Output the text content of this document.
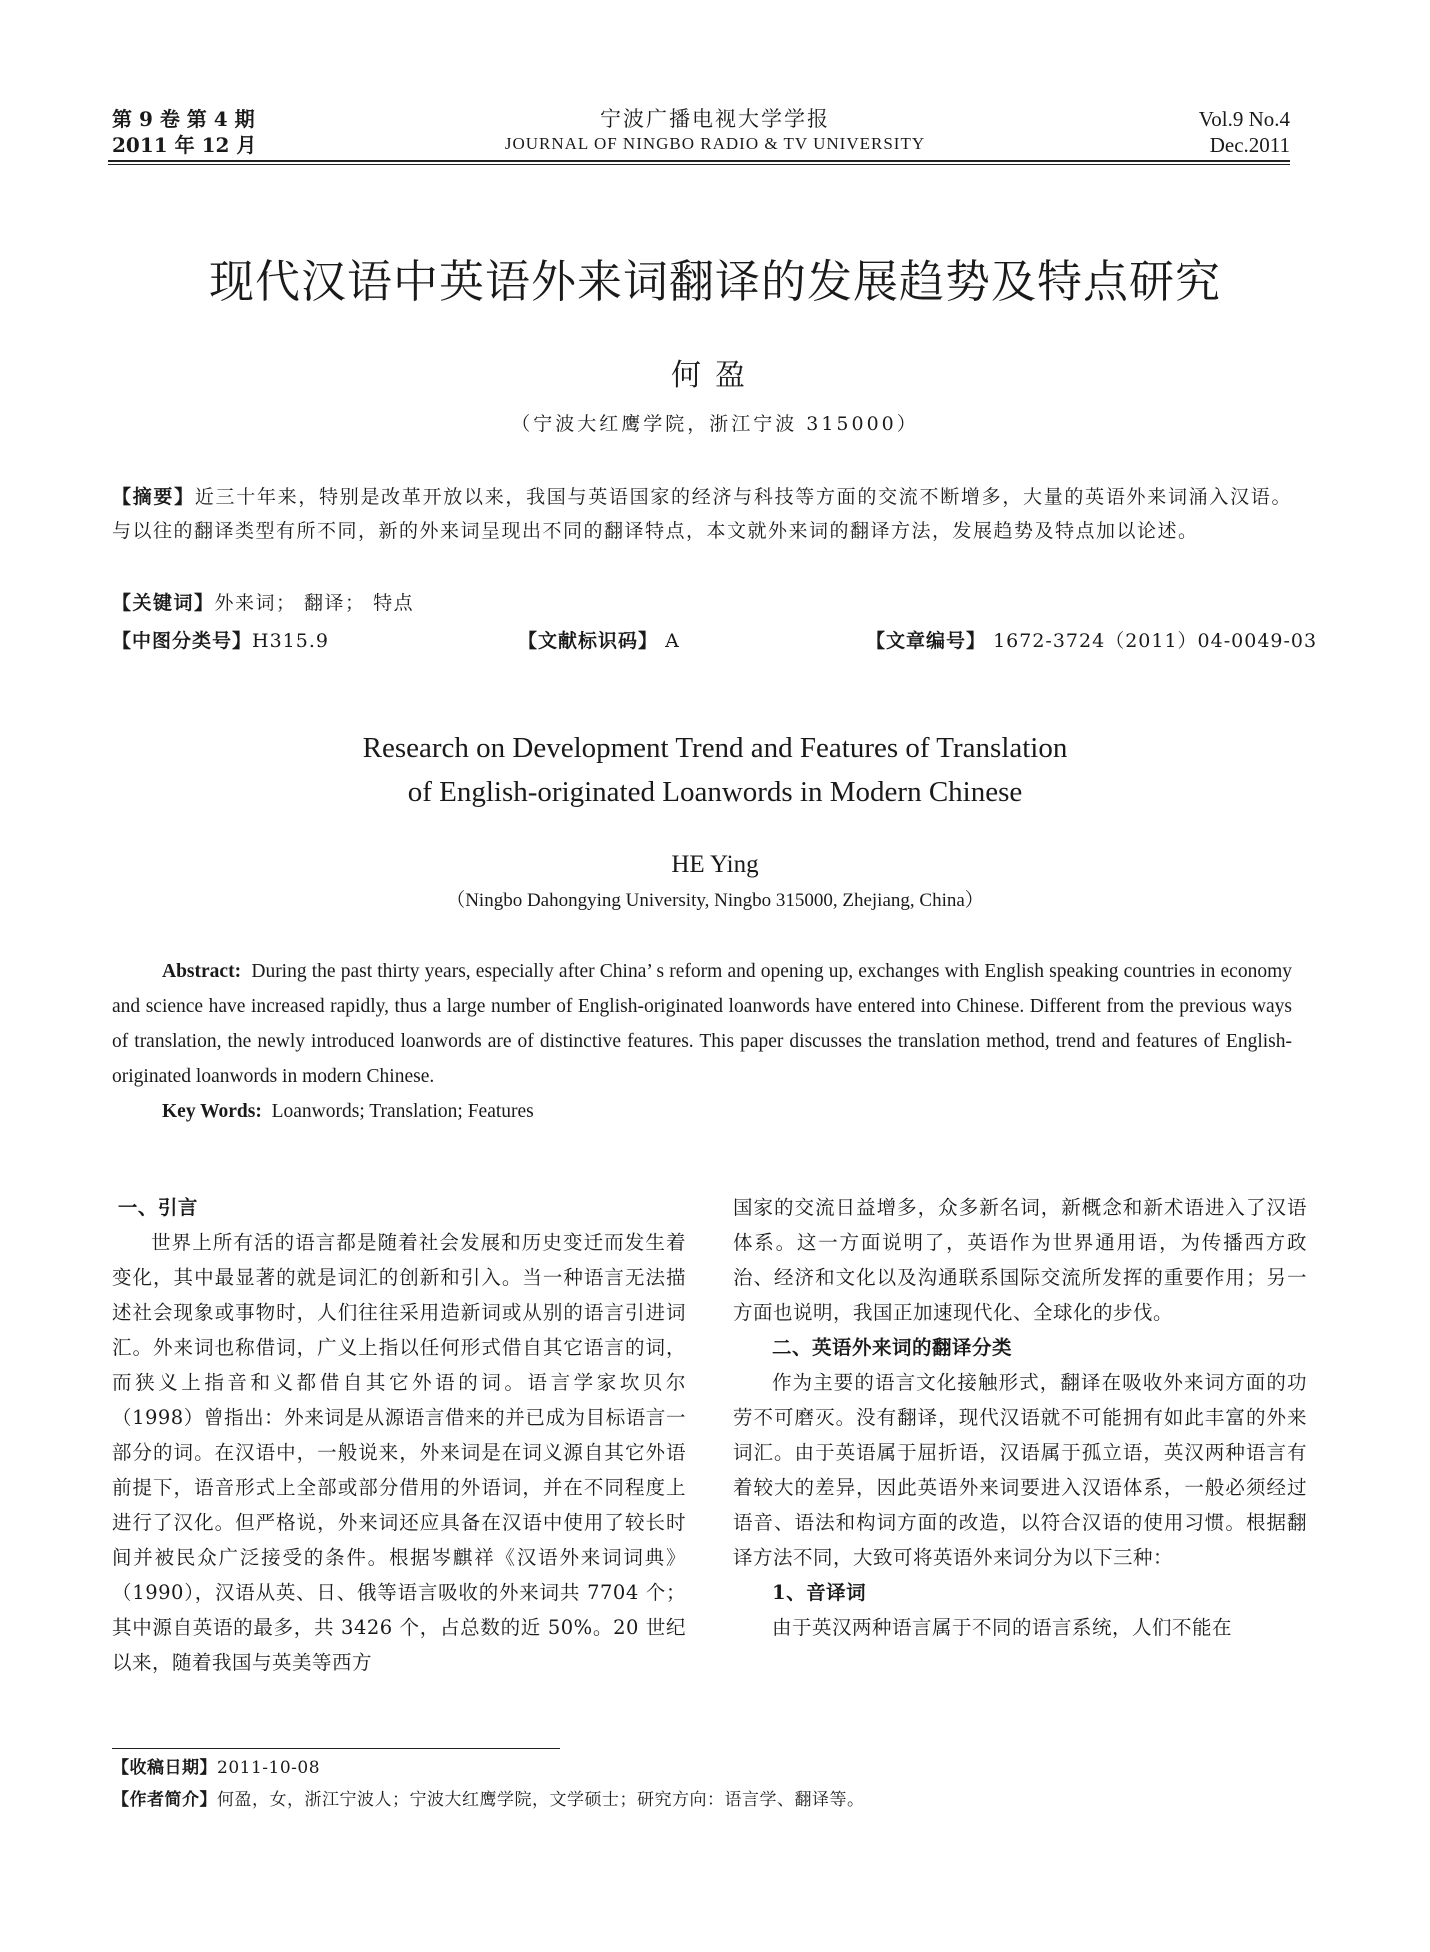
第 9 卷 第 4 期
2011 年 12 月
宁波广播电视大学学报
JOURNAL OF NINGBO RADIO & TV UNIVERSITY
Vol.9 No.4
Dec.2011
现代汉语中英语外来词翻译的发展趋势及特点研究
何盈
（宁波大红鹰学院，浙江宁波 315000）
【摘要】近三十年来，特别是改革开放以来，我国与英语国家的经济与科技等方面的交流不断增多，大量的英语外来词涌入汉语。与以往的翻译类型有所不同，新的外来词呈现出不同的翻译特点，本文就外来词的翻译方法，发展趋势及特点加以论述。
【关键词】外来词； 翻译； 特点
【中图分类号】H315.9	【文献标识码】 A	【文章编号】 1672-3724（2011）04-0049-03
Research on Development Trend and Features of Translation
of English-originated Loanwords in Modern Chinese
HE Ying
（Ningbo Dahongying University, Ningbo 315000, Zhejiang, China）
Abstract: During the past thirty years, especially after China’ s reform and opening up, exchanges with English speaking countries in economy and science have increased rapidly, thus a large number of English-originated loanwords have entered into Chinese. Different from the previous ways of translation, the newly introduced loanwords are of distinctive features. This paper discusses the translation method, trend and features of English-originated loanwords in modern Chinese.
Key Words: Loanwords; Translation; Features

一、引言

世界上所有活的语言都是随着社会发展和历史变迁而发生着变化，其中最显著的就是词汇的创新和引入。当一种语言无法描述社会现象或事物时，人们往往采用造新词或从别的语言引进词汇。外来词也称借词，广义上指以任何形式借自其它语言的词，而狭义上指音和义都借自其它外语的词。语言学家坎贝尔（1998）曾指出：外来词是从源语言借来的并已成为目标语言一部分的词。在汉语中，一般说来，外来词是在词义源自其它外语前提下，语音形式上全部或部分借用的外语词，并在不同程度上进行了汉化。但严格说，外来词还应具备在汉语中使用了较长时间并被民众广泛接受的条件。根据岑麒祥《汉语外来词词典》（1990），汉语从英、日、俄等语言吸收的外来词共 7704 个；其中源自英语的最多，共 3426 个，占总数的近 50%。20 世纪以来，随着我国与英美等西方

国家的交流日益增多，众多新名词，新概念和新术语进入了汉语体系。这一方面说明了，英语作为世界通用语，为传播西方政治、经济和文化以及沟通联系国际交流所发挥的重要作用；另一方面也说明，我国正加速现代化、全球化的步伐。

二、英语外来词的翻译分类

作为主要的语言文化接触形式，翻译在吸收外来词方面的功劳不可磨灭。没有翻译，现代汉语就不可能拥有如此丰富的外来词汇。由于英语属于屈折语，汉语属于孤立语，英汉两种语言有着较大的差异，因此英语外来词要进入汉语体系，一般必须经过语音、语法和构词方面的改造，以符合汉语的使用习惯。根据翻译方法不同，大致可将英语外来词分为以下三种：

1、音译词

由于英汉两种语言属于不同的语言系统，人们不能在

【收稿日期】2011-10-08
【作者简介】何盈，女，浙江宁波人；宁波大红鹰学院，文学硕士；研究方向：语言学、翻译等。
